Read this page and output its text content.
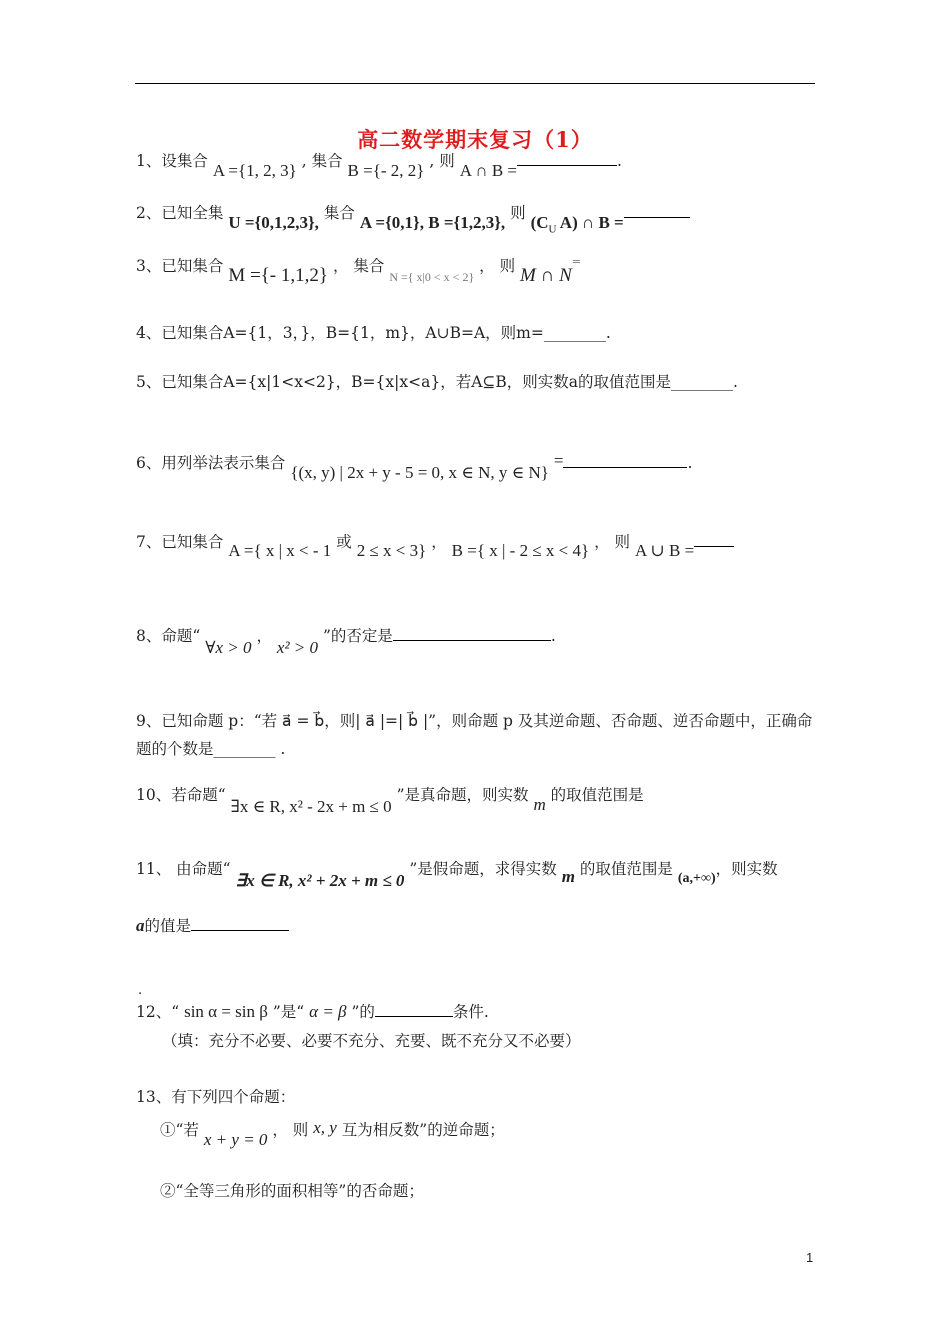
高二数学期末复习（1）
1、设集合 A ={1, 2, 3} , 集合 B ={- 2, 2} , 则 A ∩ B =	.
2、已知全集 U ={0,1,2,3}, 集合 A ={0,1}, B ={1,2,3}, 则 ($C_U$ A) ∩ B =
3、已知集合 M ={- 1,1,2} ， 集合 $_{N =\{ x|0 < x < 2\}}$ ， 则 M ∩ N=
4、已知集合A={1，3，}，B={1，m}，A∪B=A，则m=________.
5、已知集合A={x|1<x<2}，B={x|x<a}，若A⊆B，则实数a的取值范围是________.
6、用列举法表示集合 {(x, y) | 2x + y - 5 = 0, x ∈ N, y ∈ N} =	.
7、已知集合 A ={ x | x < - 1 或 2 ≤ x < 3} ， B ={ x | - 2 ≤ x < 4} ， 则 A ∪ B =
8、命题“ ∀x > 0 ， x² > 0 ”的否定是	.
9、已知命题 p：“若 a⃗ = b⃗，则| a⃗ |=| b⃗ |”，则命题 p 及其逆命题、否命题、逆否命题中，正确命
题的个数是________ .
10、若命题“ ∃x ∈ R, x² - 2x + m ≤ 0 ”是真命题，则实数 m 的取值范围是
11、 由命题“ ∃x ∈ R, x² + 2x + m ≤ 0 ”是假命题，求得实数 m 的取值范围是 (a,+∞)，则实数
a的值是
.
12、“ sin α = sin β ”是“ α = β ”的	条件.
（填：充分不必要、必要不充分、充要、既不充分又不必要）
13、有下列四个命题：
①“若 x + y = 0 ， 则 x, y 互为相反数”的逆命题；
②“全等三角形的面积相等”的否命题；
1
